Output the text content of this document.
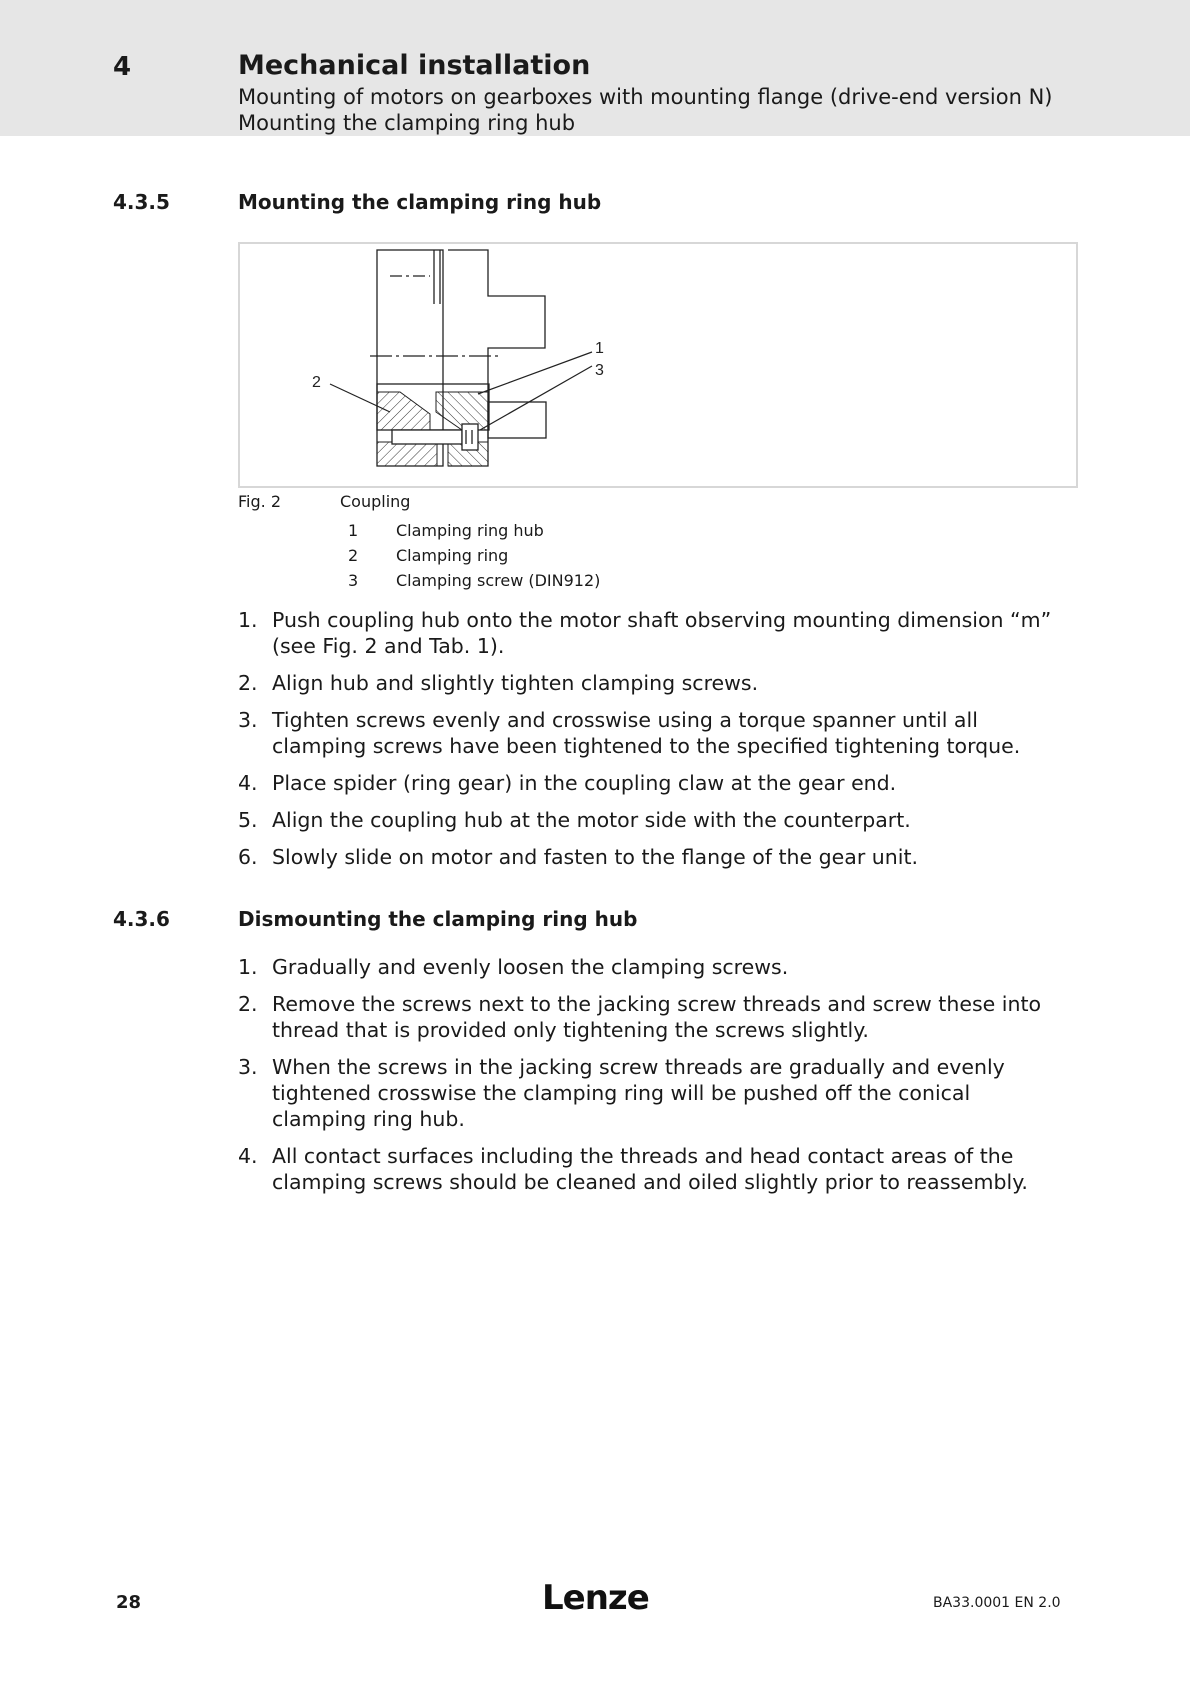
4	Mechanical installation
Mounting of motors on gearboxes with mounting flange (drive-end version N)
Mounting the clamping ring hub
4.3.5	Mounting the clamping ring hub
1
3
2
Fig. 2	Coupling
1 Clamping ring hub
2 Clamping ring
3 Clamping screw (DIN912)
1. Push coupling hub onto the motor shaft observing mounting dimension “m” (see Fig. 2 and Tab. 1).
2. Align hub and slightly tighten clamping screws.
3. Tighten screws evenly and crosswise using a torque spanner until all clamping screws have been tightened to the specified tightening torque.
4. Place spider (ring gear) in the coupling claw at the gear end.
5. Align the coupling hub at the motor side with the counterpart.
6. Slowly slide on motor and fasten to the flange of the gear unit.
4.3.6	Dismounting the clamping ring hub
1. Gradually and evenly loosen the clamping screws.
2. Remove the screws next to the jacking screw threads and screw these into thread that is provided only tightening the screws slightly.
3. When the screws in the jacking screw threads are gradually and evenly tightened crosswise the clamping ring will be pushed off the conical clamping ring hub.
4. All contact surfaces including the threads and head contact areas of the clamping screws should be cleaned and oiled slightly prior to reassembly.
28	Lenze	BA33.0001 EN 2.0
